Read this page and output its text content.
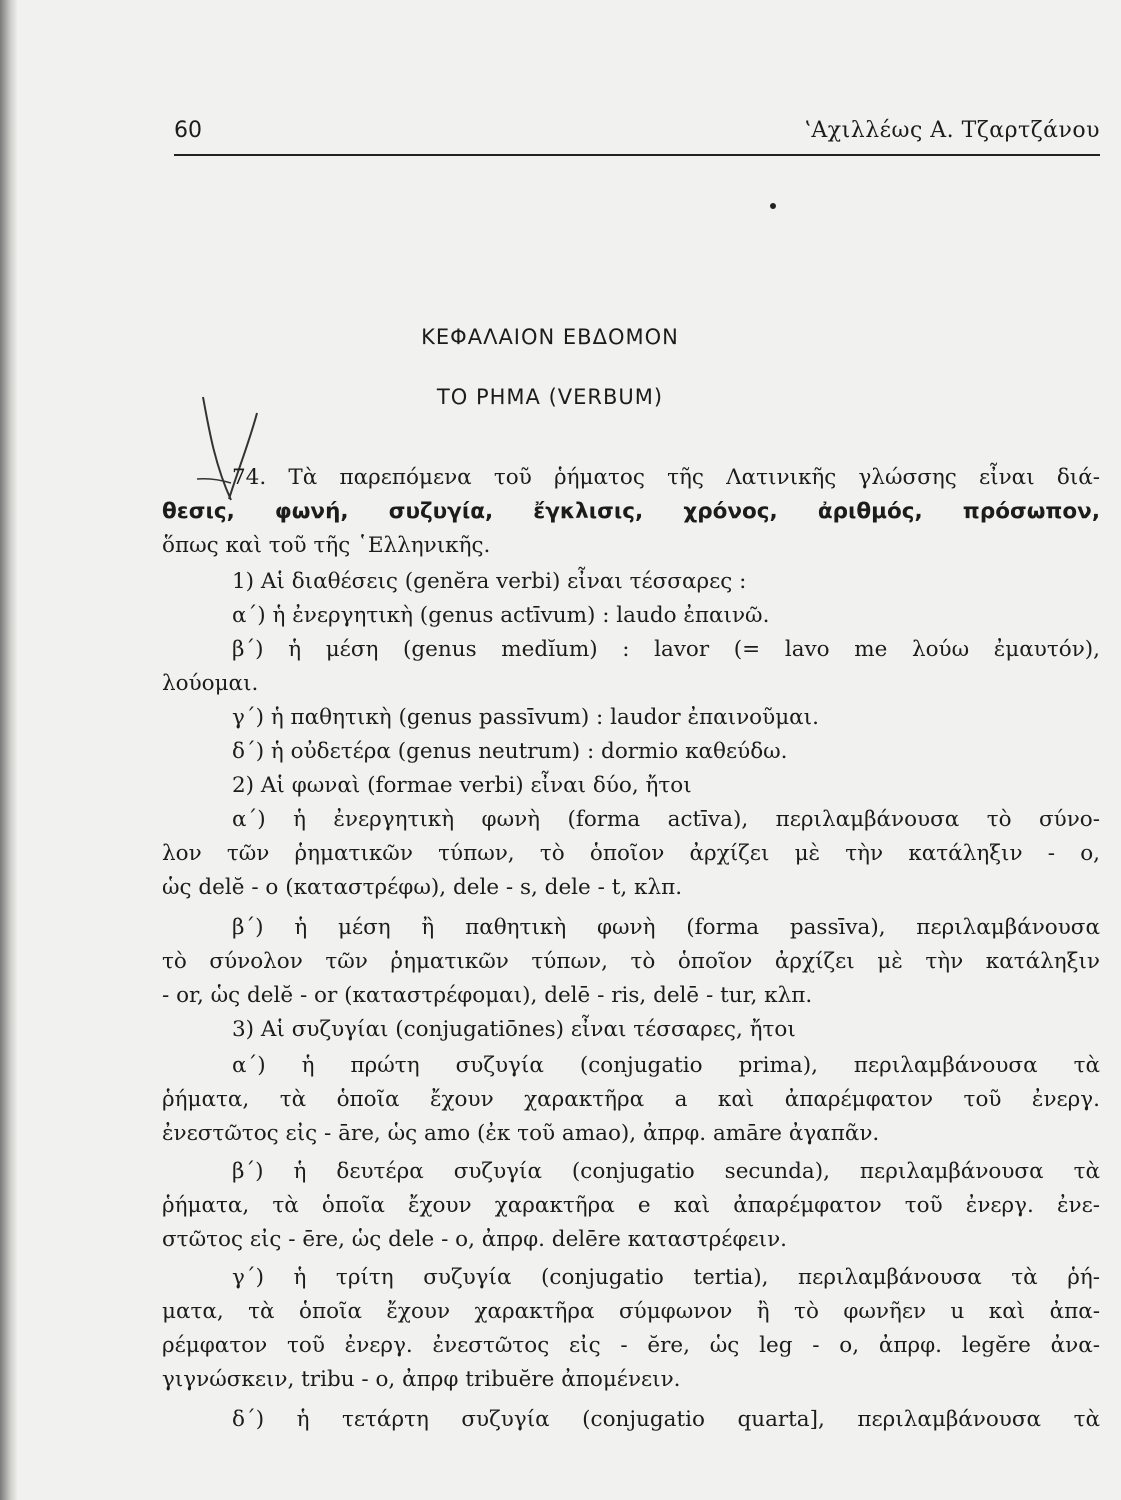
60	ʽΑχιλλέως Α. Τζαρτζάνου
ΚΕΦΑΛΑΙΟΝ ΕΒΔΟΜΟΝ
ΤΟ ΡΗΜΑ (VERBUM)
74. Τὰ παρεπόμενα τοῦ ῥήματος τῆς Λατινικῆς γλώσσης εἶναι διά-
θεσις, φωνή, συζυγία, ἔγκλισις, χρόνος, ἀριθμός, πρόσωπον,
ὅπως καὶ τοῦ τῆς ῾Ελληνικῆς.
1) Αἱ διαθέσεις (genĕra verbi) εἶναι τέσσαρες :
α΄) ἡ ἐνεργητικὴ (genus actīvum) : laudo ἐπαινῶ.
β΄) ἡ μέση (genus medĭum) : lavor (= lavo me λούω ἐμαυτόν),
λούομαι.
γ΄) ἡ παθητικὴ (genus passīvum) : laudor ἐπαινοῦμαι.
δ΄) ἡ οὐδετέρα (genus neutrum) : dormio καθεύδω.
2) Αἱ φωναὶ (formae verbi) εἶναι δύο, ἤτοι
α΄) ἡ ἐνεργητικὴ φωνὴ (forma actīva), περιλαμβάνουσα τὸ σύνο-
λον τῶν ῥηματικῶν τύπων, τὸ ὁποῖον ἀρχίζει μὲ τὴν κατάληξιν - o,
ὡς delĕ - o (καταστρέφω), dele - s, dele - t, κλπ.
β΄) ἡ μέση ἢ παθητικὴ φωνὴ (forma passīva), περιλαμβάνουσα
τὸ σύνολον τῶν ῥηματικῶν τύπων, τὸ ὁποῖον ἀρχίζει μὲ τὴν κατάληξιν
- or, ὡς delĕ - or (καταστρέφομαι), delē - ris, delē - tur, κλπ.
3) Αἱ συζυγίαι (conjugatiōnes) εἶναι τέσσαρες, ἤτοι
α΄) ἡ πρώτη συζυγία (conjugatio prima), περιλαμβάνουσα τὰ
ῥήματα, τὰ ὁποῖα ἔχουν χαρακτῆρα a καὶ ἀπαρέμφατον τοῦ ἐνεργ.
ἐνεστῶτος εἰς - āre, ὡς amo (ἐκ τοῦ amao), ἀπρφ. amāre ἀγαπᾶν.
β΄) ἡ δευτέρα συζυγία (conjugatio secunda), περιλαμβάνουσα τὰ
ῥήματα, τὰ ὁποῖα ἔχουν χαρακτῆρα e καὶ ἀπαρέμφατον τοῦ ἐνεργ. ἐνε-
στῶτος εἰς - ēre, ὡς dele - o, ἀπρφ. delēre καταστρέφειν.
γ΄) ἡ τρίτη συζυγία (conjugatio tertia), περιλαμβάνουσα τὰ ῥή-
ματα, τὰ ὁποῖα ἔχουν χαρακτῆρα σύμφωνον ἢ τὸ φωνῆεν u καὶ ἀπα-
ρέμφατον τοῦ ἐνεργ. ἐνεστῶτος εἰς - ĕre, ὡς leg - o, ἀπρφ. legĕre ἀνα-
γιγνώσκειν, tribu - o, ἀπρφ tribuĕre ἀπομένειν.
δ΄) ἡ τετάρτη συζυγία (conjugatio quarta], περιλαμβάνουσα τὰ
